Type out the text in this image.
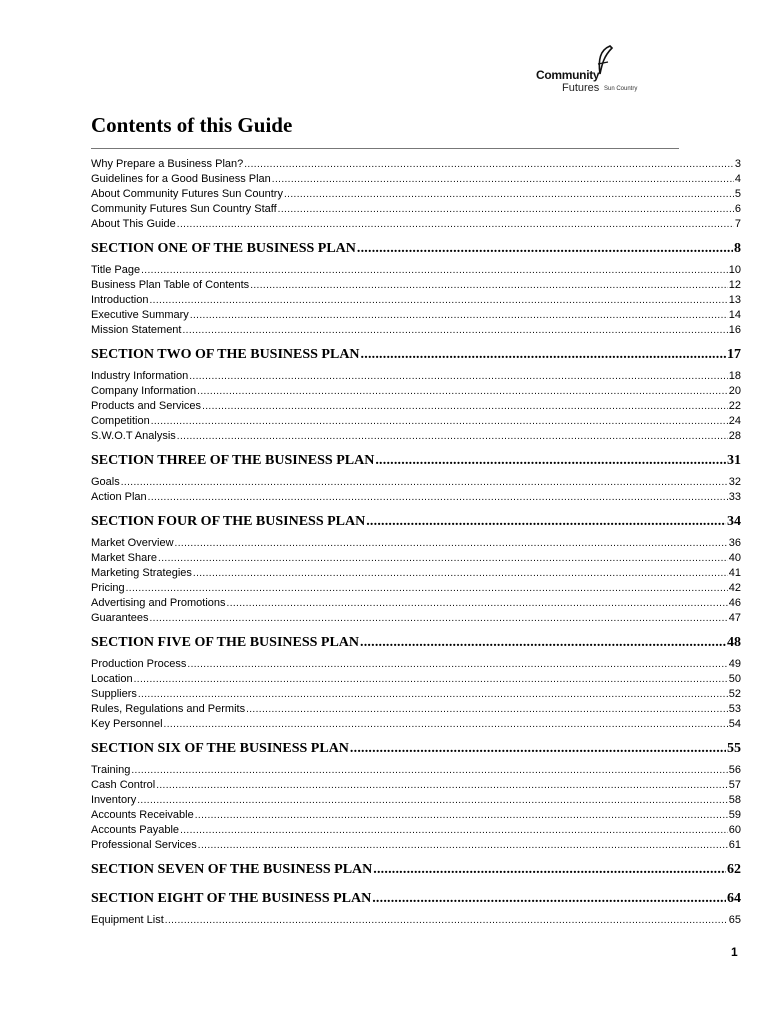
Community
Futures Sun Country
Contents of this Guide
Why Prepare a Business Plan? .....	3
Guidelines for a Good Business Plan .....	4
About Community Futures Sun Country .....	5
Community Futures Sun Country Staff .....	6
About This Guide .....	7
SECTION ONE OF THE BUSINESS PLAN .....	8
Title Page .....	10
Business Plan Table of Contents .....	12
Introduction .....	13
Executive Summary .....	14
Mission Statement .....	16
SECTION TWO OF THE BUSINESS PLAN .....	17
Industry Information .....	18
Company Information .....	20
Products and Services .....	22
Competition .....	24
S.W.O.T Analysis .....	28
SECTION THREE OF THE BUSINESS PLAN .....	31
Goals .....	32
Action Plan .....	33
SECTION FOUR OF THE BUSINESS PLAN .....	34
Market Overview .....	36
Market Share .....	40
Marketing Strategies .....	41
Pricing .....	42
Advertising and Promotions .....	46
Guarantees .....	47
SECTION FIVE OF THE BUSINESS PLAN .....	48
Production Process .....	49
Location .....	50
Suppliers .....	52
Rules, Regulations and Permits .....	53
Key Personnel .....	54
SECTION SIX OF THE BUSINESS PLAN .....	55
Training .....	56
Cash Control .....	57
Inventory .....	58
Accounts Receivable .....	59
Accounts Payable .....	60
Professional Services .....	61
SECTION SEVEN OF THE BUSINESS PLAN .....	62
SECTION EIGHT OF THE BUSINESS PLAN .....	64
Equipment List .....	65
1
